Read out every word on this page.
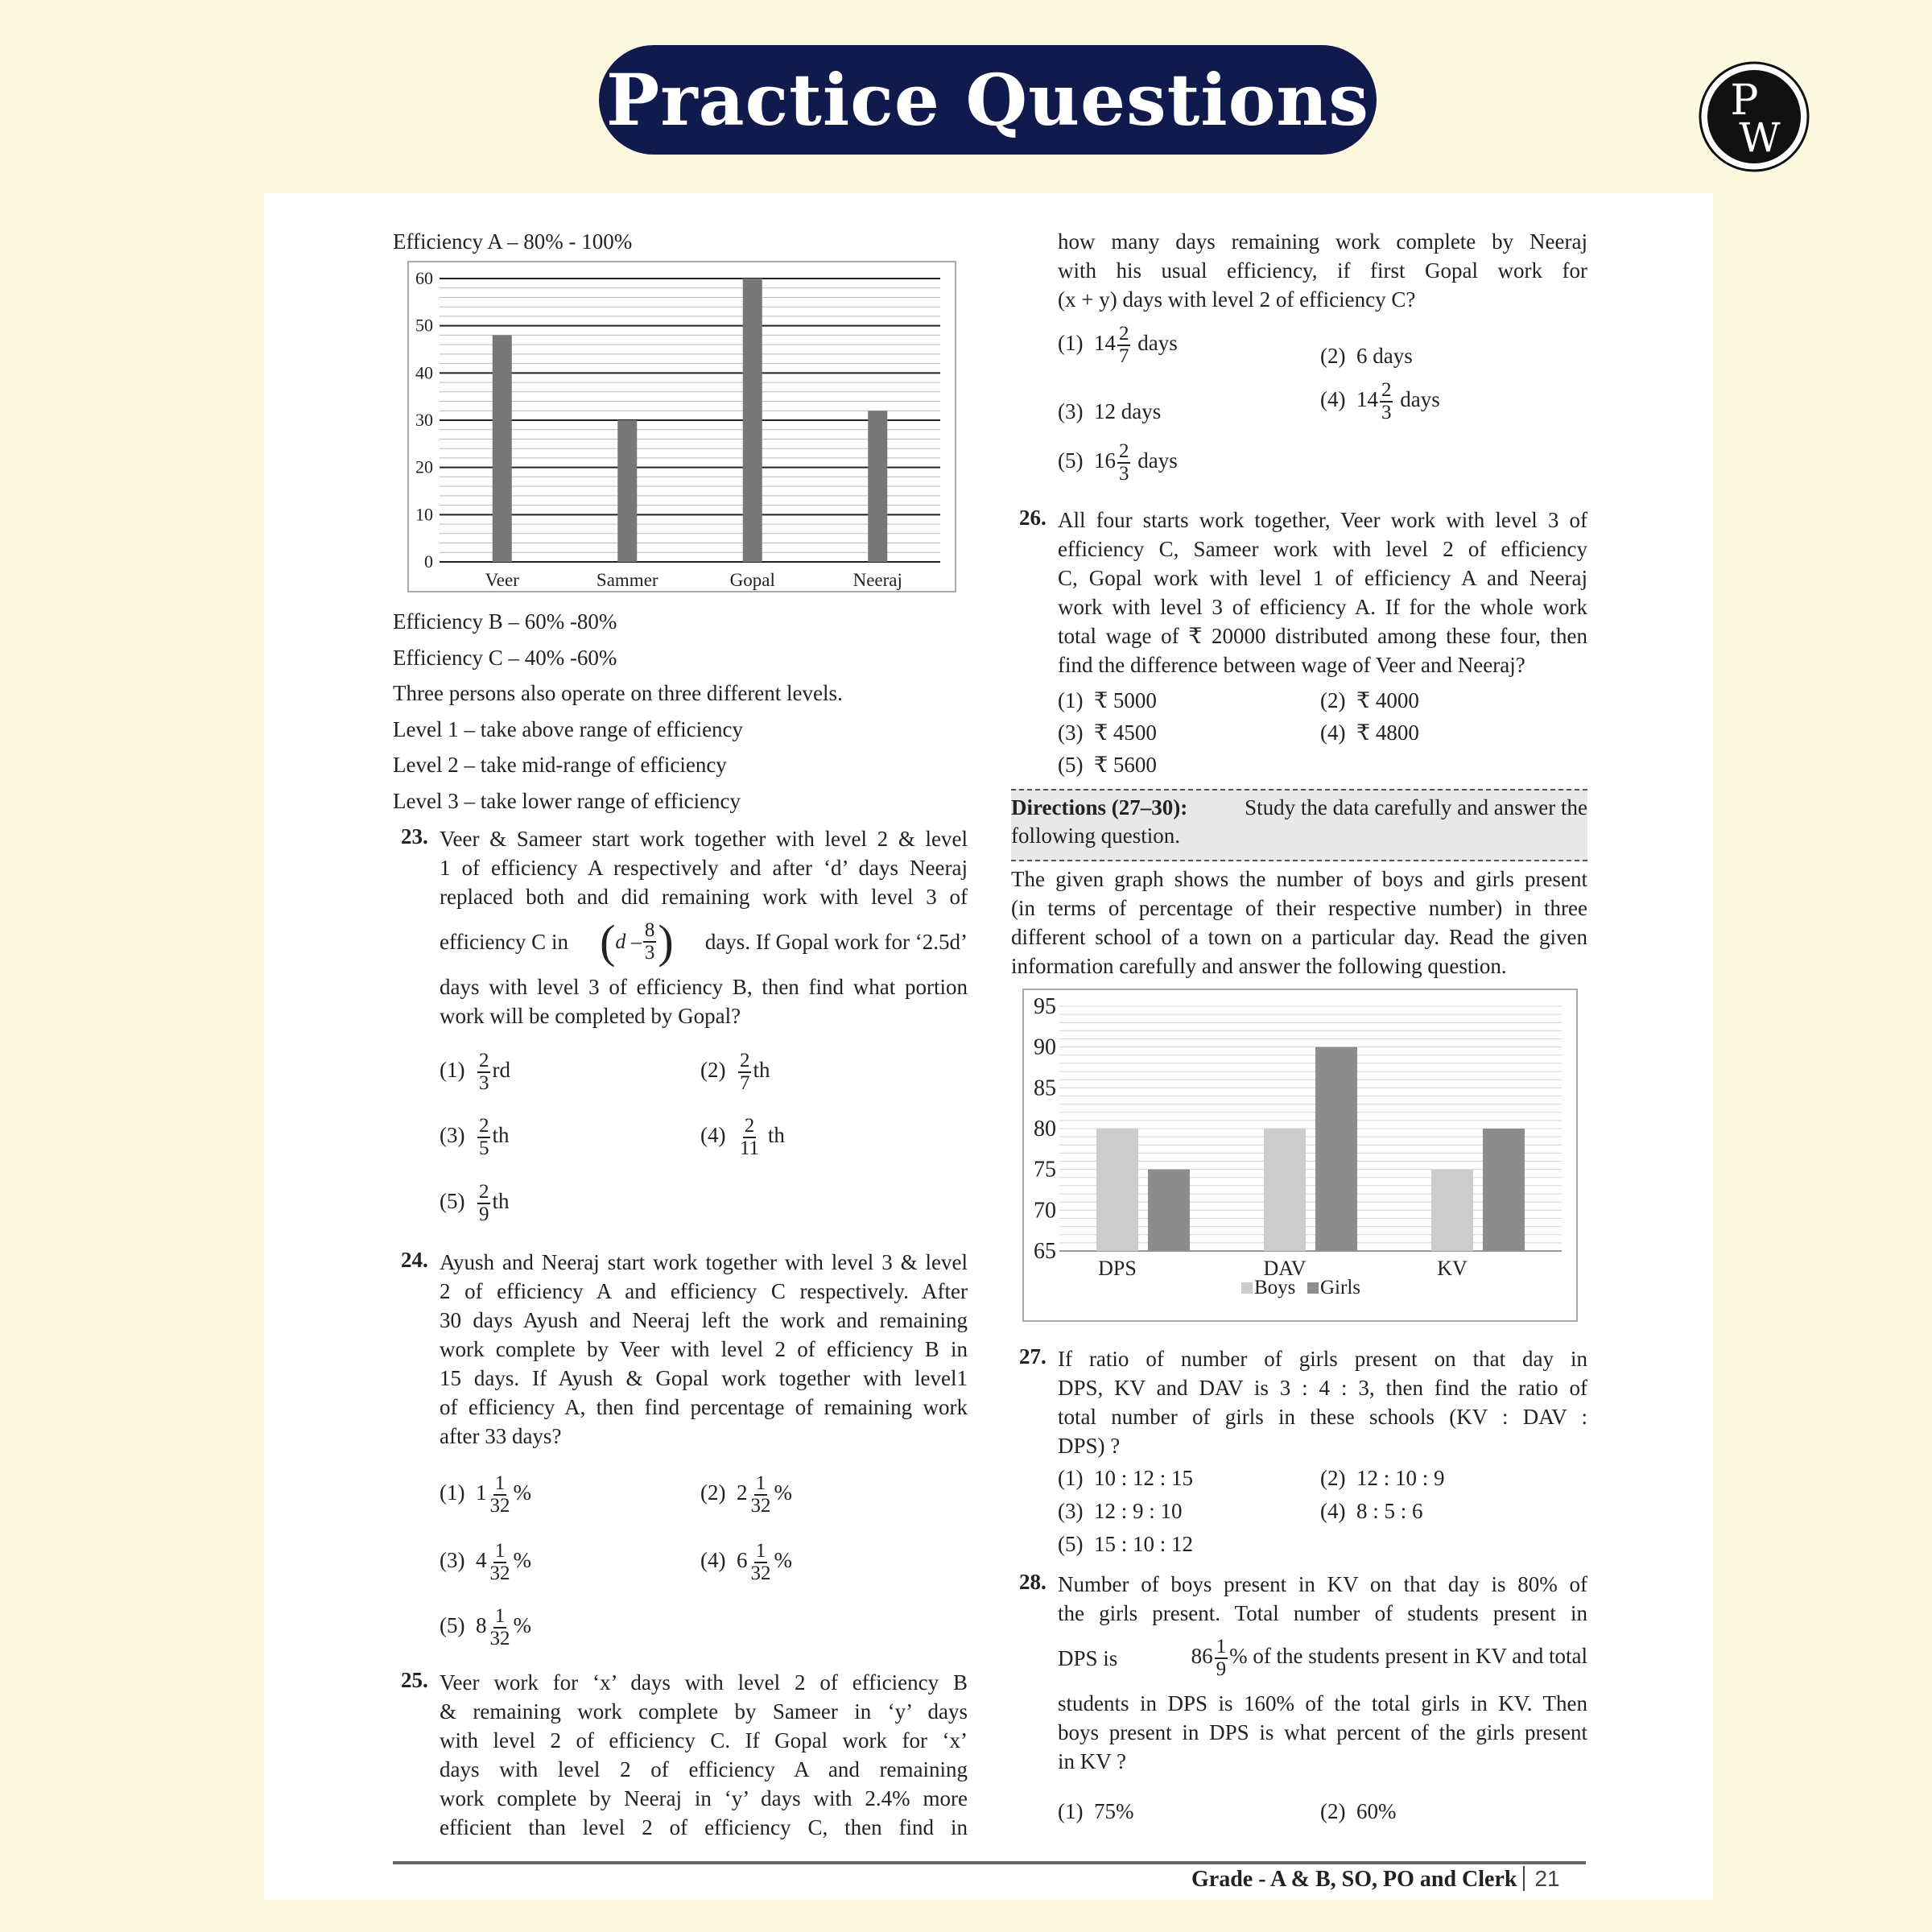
Practice Questions	P
W
Efficiency A – 80% - 100%
0
10
20
30
40
50
60
Veer	Sammer	Gopal	Neeraj
Efficiency B – 60% -80%
Efficiency C – 40% -60%
Three persons also operate on three different levels.
Level 1 – take above range of efficiency
Level 2 – take mid-range of efficiency
Level 3 – take lower range of efficiency
23. Veer & Sameer start work together with level 2 & level
1 of efficiency A respectively and after ‘d’ days Neeraj
replaced both and did remaining work with level 3 of
efficiency C in ( d – $\frac{8}{3}$ ) days. If Gopal work for ‘2.5d’
days with level 3 of efficiency B, then find what portion
work will be completed by Gopal?
$(1) \frac{2}{3}$ rd	$(2) \frac{2}{7}$ th
$(3) \frac{2}{5}$ th	$(4) \frac{2}{11}$ th
$(5) \frac{2}{9}$ th
24. Ayush and Neeraj start work together with level 3 & level
2 of efficiency A and efficiency C respectively. After
30 days Ayush and Neeraj left the work and remaining
work complete by Veer with level 2 of efficiency B in
15 days. If Ayush & Gopal work together with level1
of efficiency A, then find percentage of remaining work
after 33 days?
(1) $1 \frac{1}{32}$ %	(2) $2 \frac{1}{32}$ %
(3) $4 \frac{1}{32}$ %	(4) $6 \frac{1}{32}$ %
(5) $8 \frac{1}{32}$ %
25. Veer work for ‘x’ days with level 2 of efficiency B
& remaining work complete by Sameer in ‘y’ days
with level 2 of efficiency C. If Gopal work for ‘x’
days with level 2 of efficiency A and remaining
work complete by Neeraj in ‘y’ days with 2.4% more
efficient than level 2 of efficiency C, then find in
how many days remaining work complete by Neeraj
with his usual efficiency, if first Gopal work for
(x + y) days with level 2 of efficiency C?
(1) $14 \frac{2}{7}$ days
(2) 6 days
(3) 12 days	(4) $14 \frac{2}{3}$ days
(5) $16 \frac{2}{3}$ days
26. All four starts work together, Veer work with level 3 of
efficiency C, Sameer work with level 2 of efficiency
C, Gopal work with level 1 of efficiency A and Neeraj
work with level 3 of efficiency A. If for the whole work
total wage of ₹ 20000 distributed among these four, then
find the difference between wage of Veer and Neeraj?
(1) ₹ 5000	(2) ₹ 4000
(3) ₹ 4500	(4) ₹ 4800
(5) ₹ 5600
Directions (27–30):	Study the data carefully and answer the
following question.
The given graph shows the number of boys and girls present
(in terms of percentage of their respective number) in three
different school of a town on a particular day. Read the given
information carefully and answer the following question.
65
70
75
80
85
90
95
DPS	DAV	KV
Boys Girls
27. If ratio of number of girls present on that day in
DPS, KV and DAV is 3 : 4 : 3, then find the ratio of
total number of girls in these schools (KV : DAV :
DPS) ?
(1) 10 : 12 : 15	(2) 12 : 10 : 9
(3) 12 : 9 : 10	(4) 8 : 5 : 6
(5) 15 : 10 : 12
28. Number of boys present in KV on that day is 80% of
the girls present. Total number of students present in
DPS is	$86 \frac{1}{9}$ % of the students present in KV and total
students in DPS is 160% of the total girls in KV. Then
boys present in DPS is what percent of the girls present
in KV ?
(1) 75%	(2) 60%
Grade - A & B, SO, PO and Clerk 21
